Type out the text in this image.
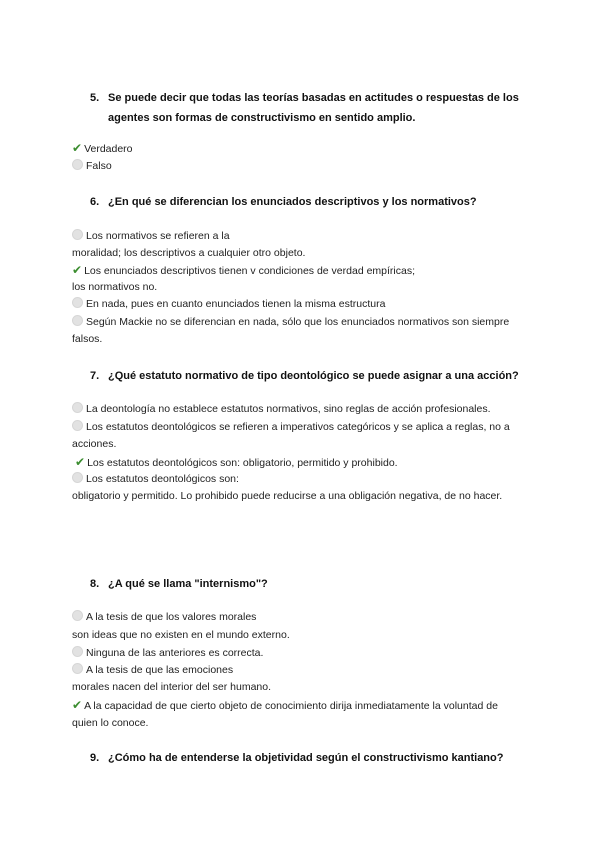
5. Se puede decir que todas las teorías basadas en actitudes o respuestas de los
agentes son formas de constructivismo en sentido amplio.
✔ Verdadero
Falso
6. ¿En qué se diferencian los enunciados descriptivos y los normativos?
Los normativos se refieren a la
moralidad; los descriptivos a cualquier otro objeto.
✔ Los enunciados descriptivos tienen v condiciones de verdad empíricas;
los normativos no.
En nada, pues en cuanto enunciados tienen la misma estructura
Según Mackie no se diferencian en nada, sólo que los enunciados normativos son siempre
falsos.
7. ¿Qué estatuto normativo de tipo deontológico se puede asignar a una acción?
La deontología no establece estatutos normativos, sino reglas de acción profesionales.
Los estatutos deontológicos se refieren a imperativos categóricos y se aplica a reglas, no a
acciones.
✔ Los estatutos deontológicos son: obligatorio, permitido y prohibido.
Los estatutos deontológicos son:
obligatorio y permitido. Lo prohibido puede reducirse a una obligación negativa, de no hacer.
8. ¿A qué se llama "internismo"?
A la tesis de que los valores morales
son ideas que no existen en el mundo externo.
Ninguna de las anteriores es correcta.
A la tesis de que las emociones
morales nacen del interior del ser humano.
✔ A la capacidad de que cierto objeto de conocimiento dirija inmediatamente la voluntad de
quien lo conoce.
9. ¿Cómo ha de entenderse la objetividad según el constructivismo kantiano?
